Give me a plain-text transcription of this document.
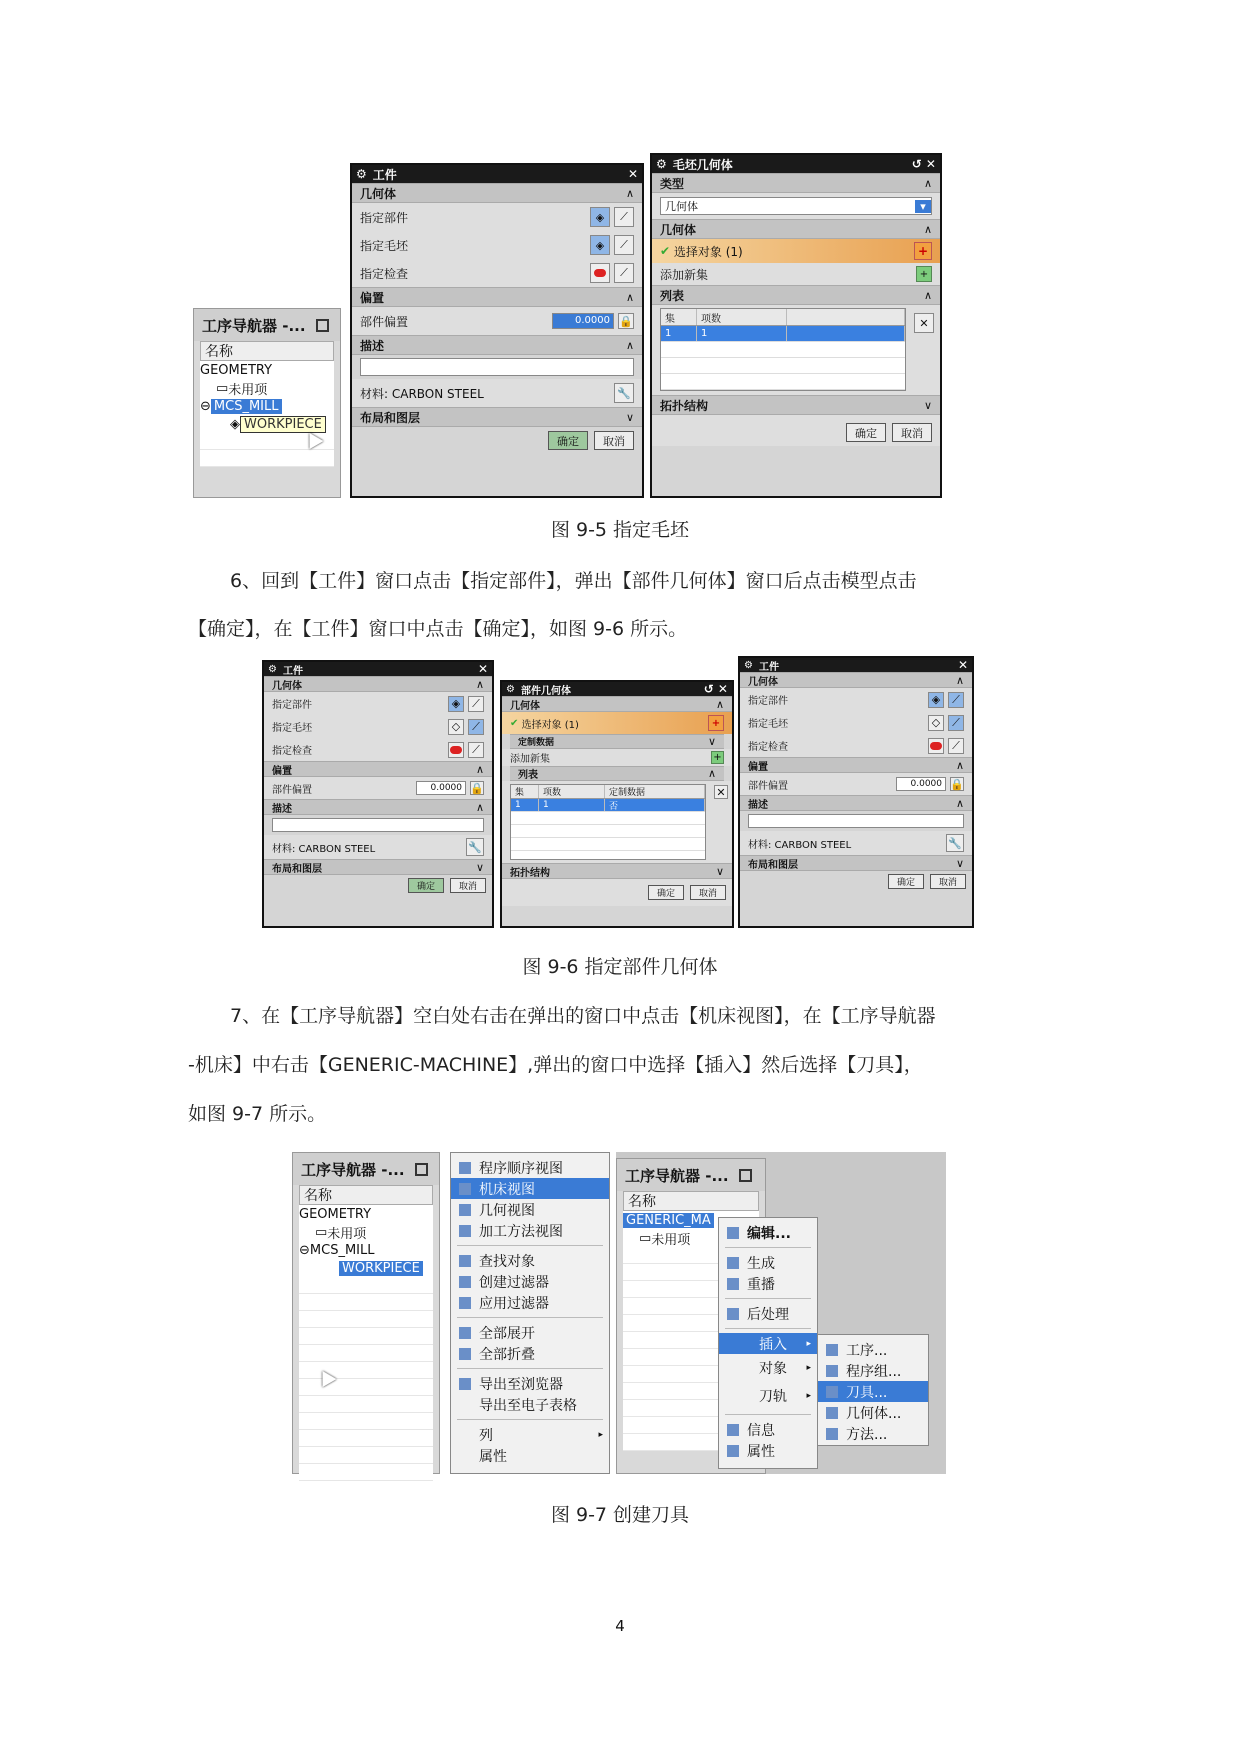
工序导航器 -...
名称
GEOMETRY
▭ 未用项
⊖ MCS_MILL
◈ WORKPIECE
⚙ 工件	✕
几何体	∧
指定部件	◈	⟋
指定毛坯	◈	⟋
指定检查	⟋
偏置	∧
部件偏置	0.0000 🔒
描述	∧
材料: CARBON STEEL	🔧
布局和图层	∨
确定	取消
⚙ 毛坯几何体	↺ ✕
类型	∧
几何体	▾
几何体	∧
✔
选择对象 (1)	+
添加新集	+
列表	∧
集	项数
1	1
✕
拓扑结构	∨
确定	取消
图 9-5 指定毛坯
6、回到【工件】窗口点击【指定部件】，弹出【部件几何体】窗口后点击模型点击
【确定】，在【工件】窗口中点击【确定】，如图 9-6 所示。
⚙ 工件	✕
几何体	∧
指定部件	◈	⟋
指定毛坯	◇	⟋
指定检查	⟋
偏置	∧
部件偏置	0.0000 🔒
描述	∧
材料: CARBON STEEL	🔧
布局和图层	∨
确定	取消
⚙ 部件几何体	↺ ✕
几何体	∧
✔
选择对象 (1)	+
定制数据	∨
添加新集	+
列表	∧
集	项数	定制数据
1	1	否
✕
拓扑结构	∨
确定	取消
⚙ 工件	✕
几何体	∧
指定部件	◈	⟋
指定毛坯	◇	⟋
指定检查	⟋
偏置	∧
部件偏置	0.0000 🔒
描述	∧
材料: CARBON STEEL	🔧
布局和图层	∨
确定	取消
图 9-6 指定部件几何体
7、在【工序导航器】空白处右击在弹出的窗口中点击【机床视图】，在【工序导航器
-机床】中右击【GENERIC-MACHINE】,弹出的窗口中选择【插入】然后选择【刀具】，
如图 9-7 所示。
工序导航器 -...
名称
GEOMETRY
▭ 未用项
⊖ MCS_MILL
WORKPIECE
程序顺序视图
机床视图
几何视图
加工方法视图
查找对象
创建过滤器
应用过滤器
全部展开
全部折叠
导出至浏览器
导出至电子表格
列	▸
属性
工序导航器 -...
名称
GENERIC_MA
▭ 未用项	编辑...
生成
重播
后处理
插入 ▸
对象 ▸
刀轨 ▸
信息
属性
工序...
程序组...
刀具...
几何体...
方法...
图 9-7 创建刀具
4
